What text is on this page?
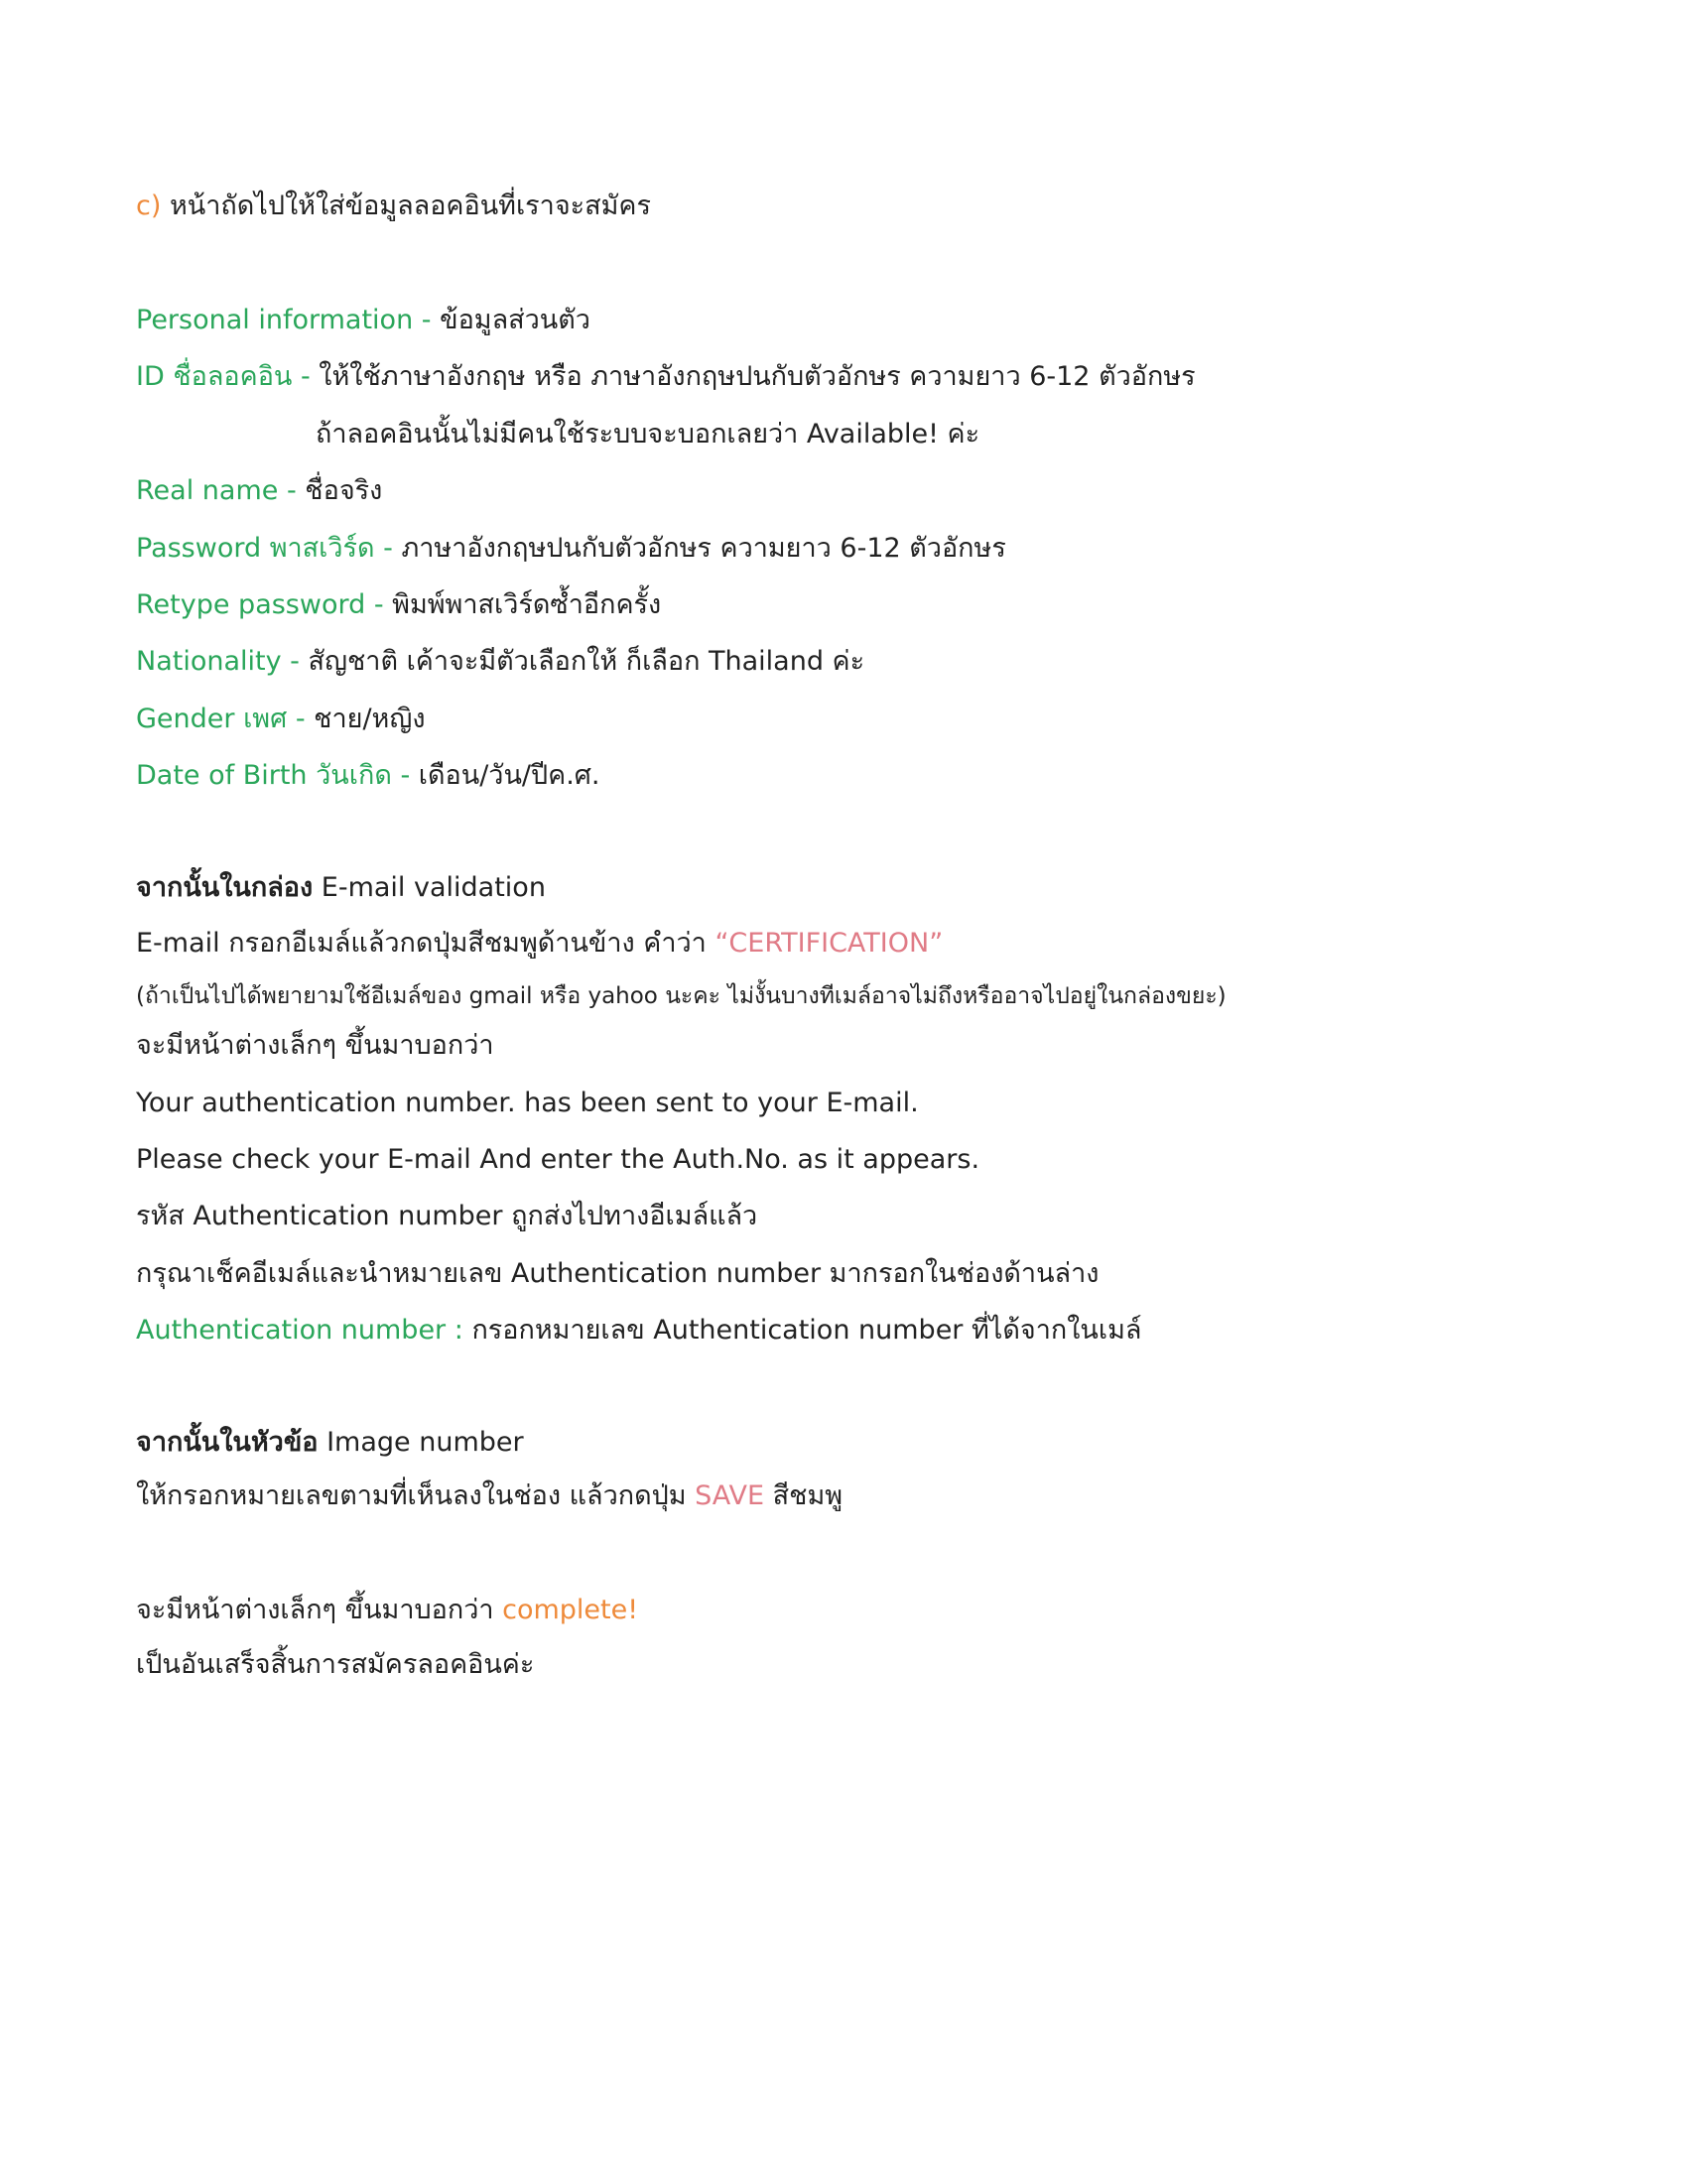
c) หน้าถัดไปให้ใส่ข้อมูลลอคอินที่เราจะสมัคร
Personal information - ข้อมูลส่วนตัว
ID ชื่อลอคอิน - ให้ใช้ภาษาอังกฤษ หรือ ภาษาอังกฤษปนกับตัวอักษร ความยาว 6-12 ตัวอักษร
ถ้าลอคอินนั้นไม่มีคนใช้ระบบจะบอกเลยว่า Available! ค่ะ
Real name - ชื่อจริง
Password พาสเวิร์ด - ภาษาอังกฤษปนกับตัวอักษร ความยาว 6-12 ตัวอักษร
Retype password - พิมพ์พาสเวิร์ดซ้ำอีกครั้ง
Nationality - สัญชาติ เค้าจะมีตัวเลือกให้ ก็เลือก Thailand ค่ะ
Gender เพศ - ชาย/หญิง
Date of Birth วันเกิด - เดือน/วัน/ปีค.ศ.
จากนั้นในกล่อง E-mail validation
E-mail กรอกอีเมล์แล้วกดปุ่มสีชมพูด้านข้าง คำว่า “CERTIFICATION”
(ถ้าเป็นไปได้พยายามใช้อีเมล์ของ gmail หรือ yahoo นะคะ ไม่งั้นบางทีเมล์อาจไม่ถึงหรืออาจไปอยู่ในกล่องขยะ)
จะมีหน้าต่างเล็กๆ ขึ้นมาบอกว่า
Your authentication number. has been sent to your E-mail.
Please check your E-mail And enter the Auth.No. as it appears.
รหัส Authentication number ถูกส่งไปทางอีเมล์แล้ว
กรุณาเช็คอีเมล์และนำหมายเลข Authentication number มากรอกในช่องด้านล่าง
Authentication number : กรอกหมายเลข Authentication number ที่ได้จากในเมล์
จากนั้นในหัวข้อ Image number
ให้กรอกหมายเลขตามที่เห็นลงในช่อง แล้วกดปุ่ม SAVE สีชมพู
จะมีหน้าต่างเล็กๆ ขึ้นมาบอกว่า complete!
เป็นอันเสร็จสิ้นการสมัครลอคอินค่ะ
